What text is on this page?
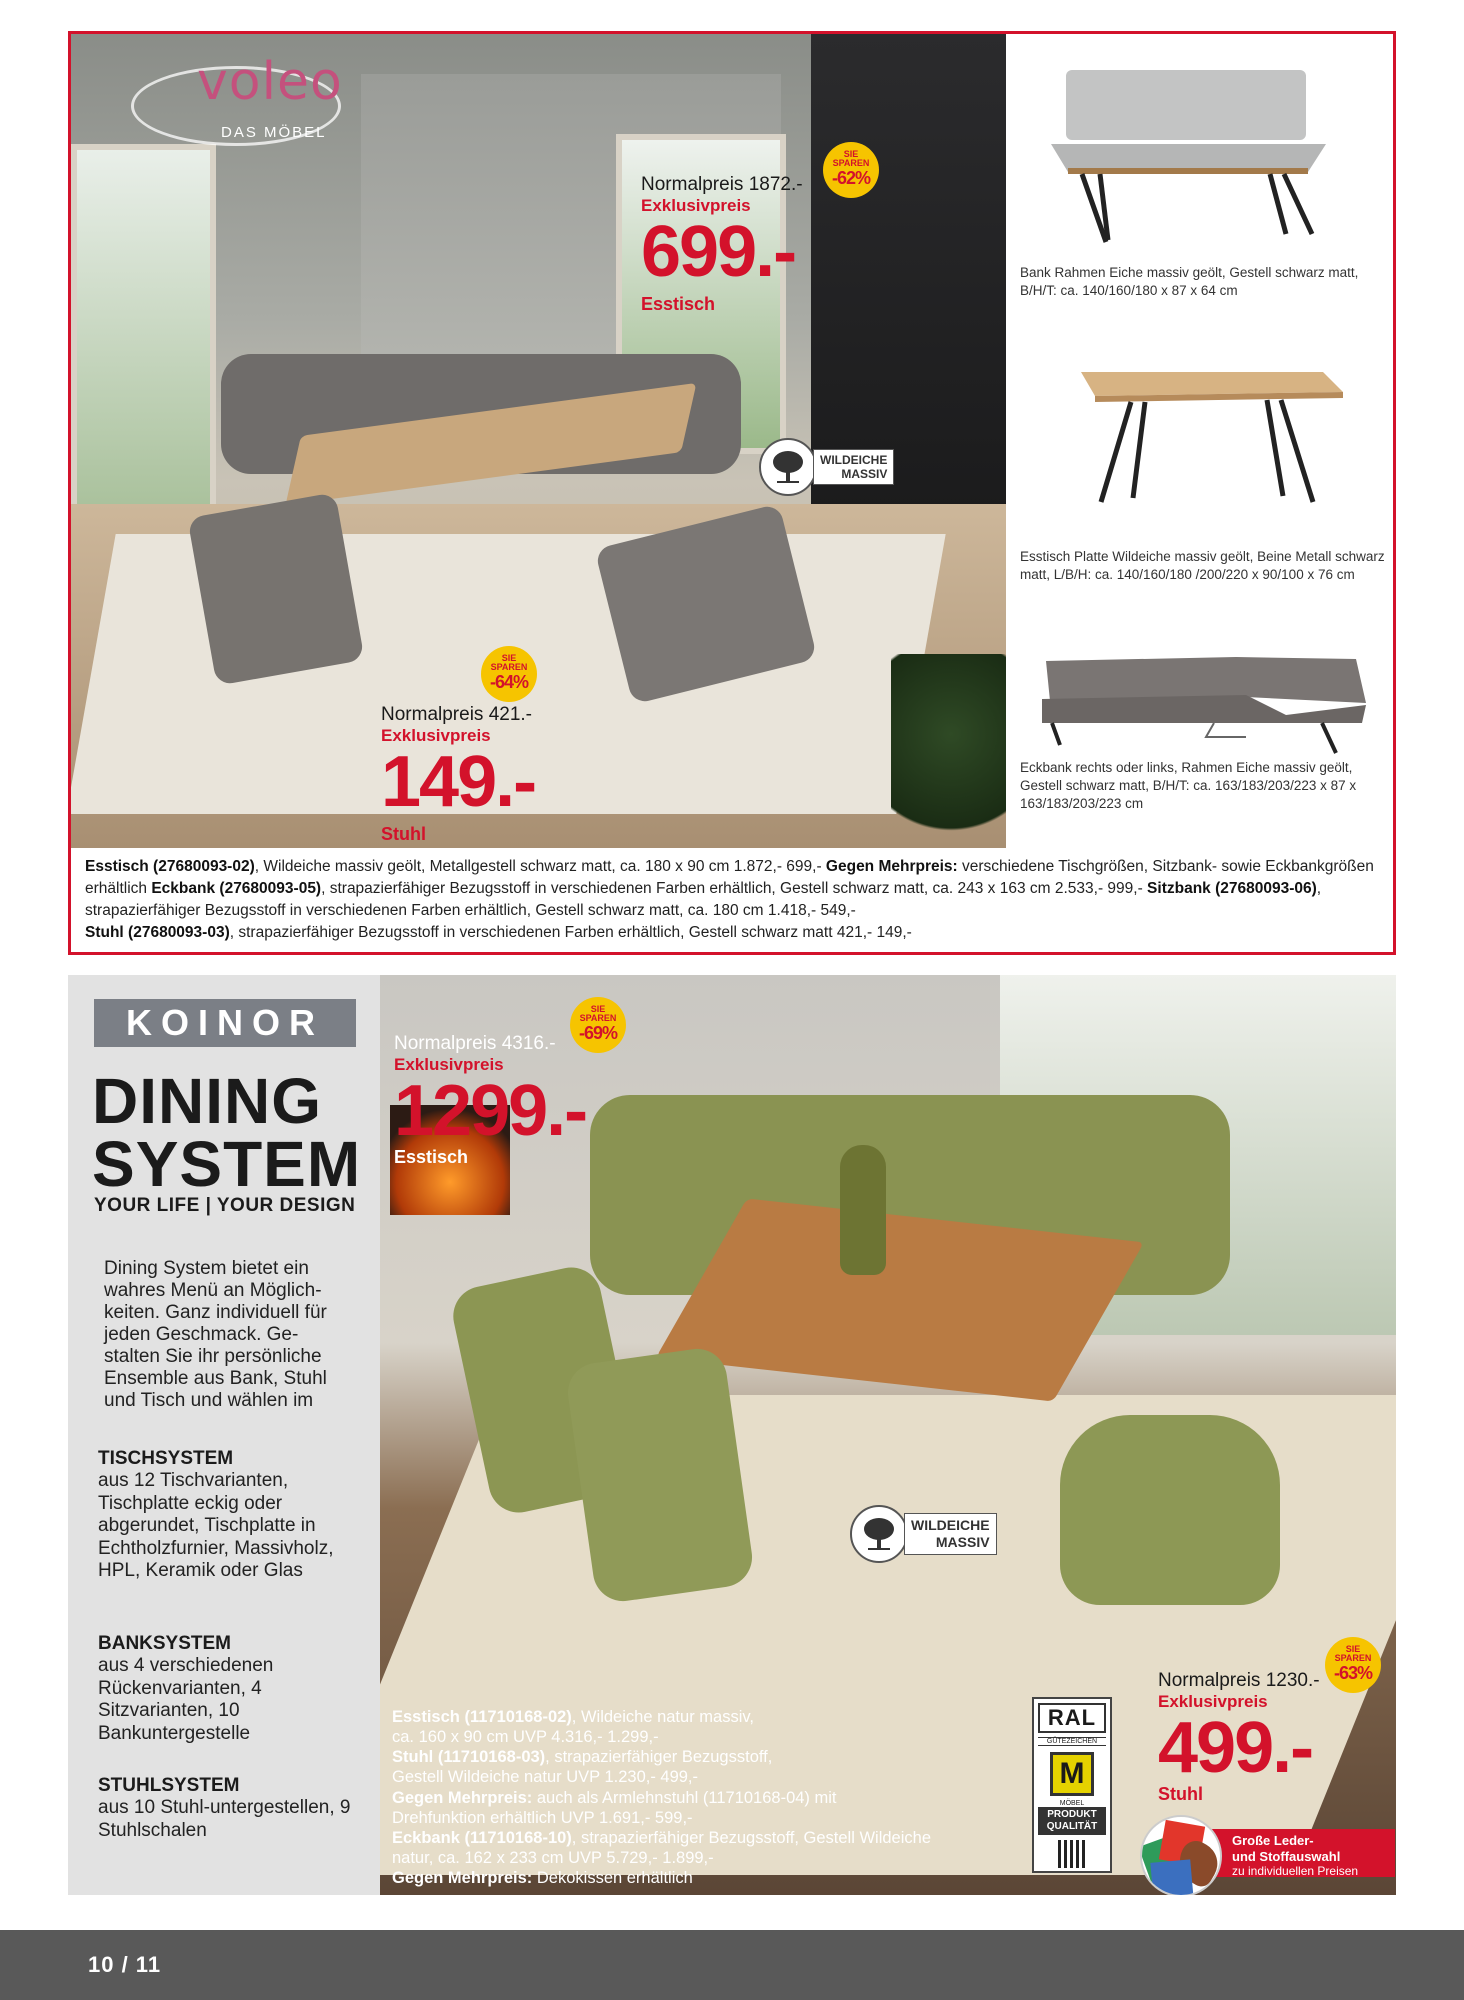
voleo
DAS MÖBEL
Normalpreis 1872.-
Exklusivpreis
699.-
Esstisch
SIE
SPAREN
-62%
Normalpreis 421.-
Exklusivpreis
149.-
Stuhl
SIE
SPAREN
-64%
WILDEICHE
MASSIV
Bank Rahmen Eiche massiv geölt, Gestell schwarz matt, B/H/T: ca. 140/160/180 x 87 x 64 cm
Esstisch Platte Wildeiche massiv geölt, Beine Metall schwarz matt, L/B/H: ca. 140/160/180 /200/220 x 90/100 x 76 cm
Eckbank rechts oder links, Rahmen Eiche massiv geölt, Gestell schwarz matt, B/H/T: ca. 163/183/203/223 x 87 x 163/183/203/223 cm
Esstisch (27680093-02), Wildeiche massiv geölt, Metallgestell schwarz matt, ca. 180 x 90 cm 1.872,- 699,- Gegen Mehrpreis: verschiedene Tischgrößen, Sitzbank- sowie Eckbankgrößen erhältlich Eckbank (27680093-05), strapazierfähiger Bezugsstoff in verschiedenen Farben erhältlich, Gestell schwarz matt, ca. 243 x 163 cm 2.533,- 999,- Sitzbank (27680093-06), strapazierfähiger Bezugsstoff in verschiedenen Farben erhältlich, Gestell schwarz matt, ca. 180 cm 1.418,- 549,-
Stuhl (27680093-03), strapazierfähiger Bezugsstoff in verschiedenen Farben erhältlich, Gestell schwarz matt 421,- 149,-
KOINOR
DINING
SYSTEM
YOUR LIFE | YOUR DESIGN
Dining System bietet ein wahres Menü an Möglich-keiten. Ganz individuell für jeden Geschmack. Ge-stalten Sie ihr persönliche Ensemble aus Bank, Stuhl und Tisch und wählen im
TISCHSYSTEM
aus 12 Tischvarianten, Tischplatte eckig oder abgerundet, Tischplatte in Echtholzfurnier, Massivholz, HPL, Keramik oder Glas
BANKSYSTEM
aus 4 verschiedenen Rückenvarianten, 4 Sitzvarianten, 10 Bankuntergestelle
STUHLSYSTEM
aus 10 Stuhl-untergestellen, 9 Stuhlschalen
Normalpreis 4316.-
Exklusivpreis
1299.-
Esstisch
SIE
SPAREN
-69%
Normalpreis 1230.-
Exklusivpreis
499.-
Stuhl
SIE
SPAREN
-63%
WILDEICHE
MASSIV
Esstisch (11710168-02), Wildeiche natur massiv,
ca. 160 x 90 cm UVP 4.316,- 1.299,-
Stuhl (11710168-03), strapazierfähiger Bezugsstoff,
Gestell Wildeiche natur UVP 1.230,- 499,-
Gegen Mehrpreis: auch als Armlehnstuhl (11710168-04) mit
Drehfunktion erhältlich UVP 1.691,- 599,-
Eckbank (11710168-10), strapazierfähiger Bezugsstoff, Gestell Wildeiche
natur, ca. 162 x 233 cm UVP 5.729,- 1.899,-
Gegen Mehrpreis: Dekokissen erhältlich
RAL
GÜTEZEICHEN
M
MÖBEL
PRODUKT
QUALITÄT
Große Leder-
und Stoffauswahl
zu individuellen Preisen
10 / 11
